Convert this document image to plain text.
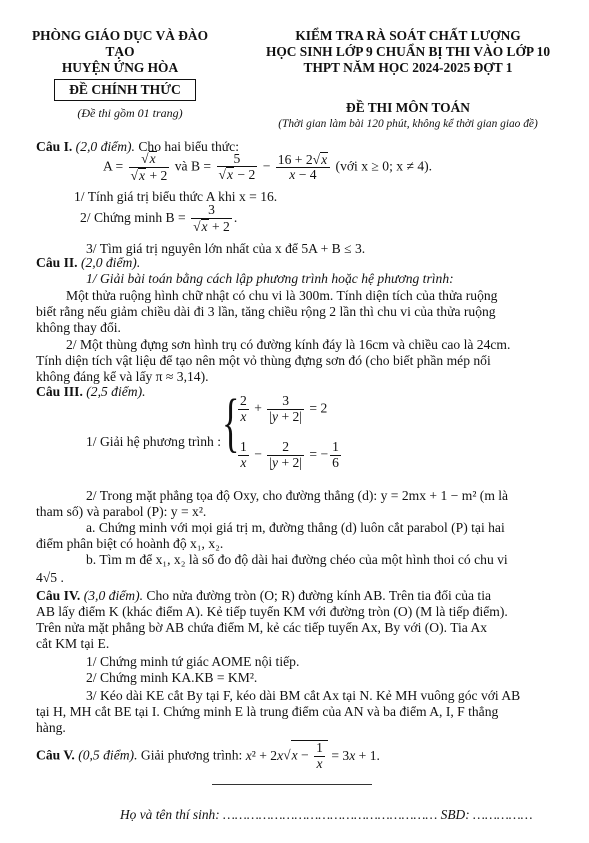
PHÒNG GIÁO DỤC VÀ ĐÀO TẠO
HUYỆN ỨNG HÒA
ĐỀ CHÍNH THỨC
(Đề thi gồm 01 trang)
KIỂM TRA RÀ SOÁT CHẤT LƯỢNG
HỌC SINH LỚP 9 CHUẨN BỊ THI VÀO LỚP 10
THPT NĂM HỌC 2024-2025 ĐỢT 1
ĐỀ THI MÔN TOÁN
(Thời gian làm bài 120 phút, không kể thời gian giao đề)
Câu I. (2,0 điểm). Cho hai biểu thức:
$A = \frac{√x}{√x + 2}$ và $B = \frac{5}{√x - 2} - \frac{16 + 2√x}{x - 4}$ (với x ≥ 0; x ≠ 4).
1/ Tính giá trị biểu thức A khi x = 16.
2/ Chứng minh $B = \frac{3}{√x + 2}$ .
3/ Tìm giá trị nguyên lớn nhất của x để 5A + B ≤ 3.
Câu II. (2,0 điểm).
1/ Giải bài toán bằng cách lập phương trình hoặc hệ phương trình:
Một thửa ruộng hình chữ nhật có chu vi là 300m. Tính diện tích của thửa ruộng
biết rằng nếu giảm chiều dài đi 3 lần, tăng chiều rộng 2 lần thì chu vi của thửa ruộng
không thay đổi.
2/ Một thùng đựng sơn hình trụ có đường kính đáy là 16cm và chiều cao là 24cm.
Tính diện tích vật liệu để tạo nên một vỏ thùng đựng sơn đó (cho biết phần mép nối
không đáng kể và lấy π ≈ 3,14).
Câu III. (2,5 điểm).
1/ Giải hệ phương trình : {
$\frac{2}{x} + \frac{3}{|y + 2|} = 2$
$\frac{1}{x} - \frac{2}{|y + 2|}$ = − $\frac{1}{6}$
2/ Trong mặt phẳng tọa độ Oxy, cho đường thẳng (d): y = 2mx + 1 − m² (m là
tham số) và parabol (P): y = x².
a. Chứng minh với mọi giá trị m, đường thẳng (d) luôn cắt parabol (P) tại hai
điểm phân biệt có hoành độ x₁, x₂.
b. Tìm m để x₁, x₂ là số đo độ dài hai đường chéo của một hình thoi có chu vi
4√5 .
Câu IV. (3,0 điểm). Cho nửa đường tròn (O; R) đường kính AB. Trên tia đối của tia
AB lấy điểm K (khác điểm A). Kẻ tiếp tuyến KM với đường tròn (O) (M là tiếp điểm).
Trên nửa mặt phẳng bờ AB chứa điểm M, kẻ các tiếp tuyến Ax, By với (O). Tia Ax
cắt KM tại E.
1/ Chứng minh tứ giác AOME nội tiếp.
2/ Chứng minh KA.KB = KM².
3/ Kéo dài KE cắt By tại F, kéo dài BM cắt Ax tại N. Kẻ MH vuông góc với AB
tại H, MH cắt BE tại I. Chứng minh E là trung điểm của AN và ba điểm A, I, F thẳng
hàng.
Câu V. (0,5 điểm). Giải phương trình: $x^2 + 2x√x - \frac{1}{x} = 3x + 1$.
Họ và tên thí sinh: ……………………………………………… SBD: ……………
